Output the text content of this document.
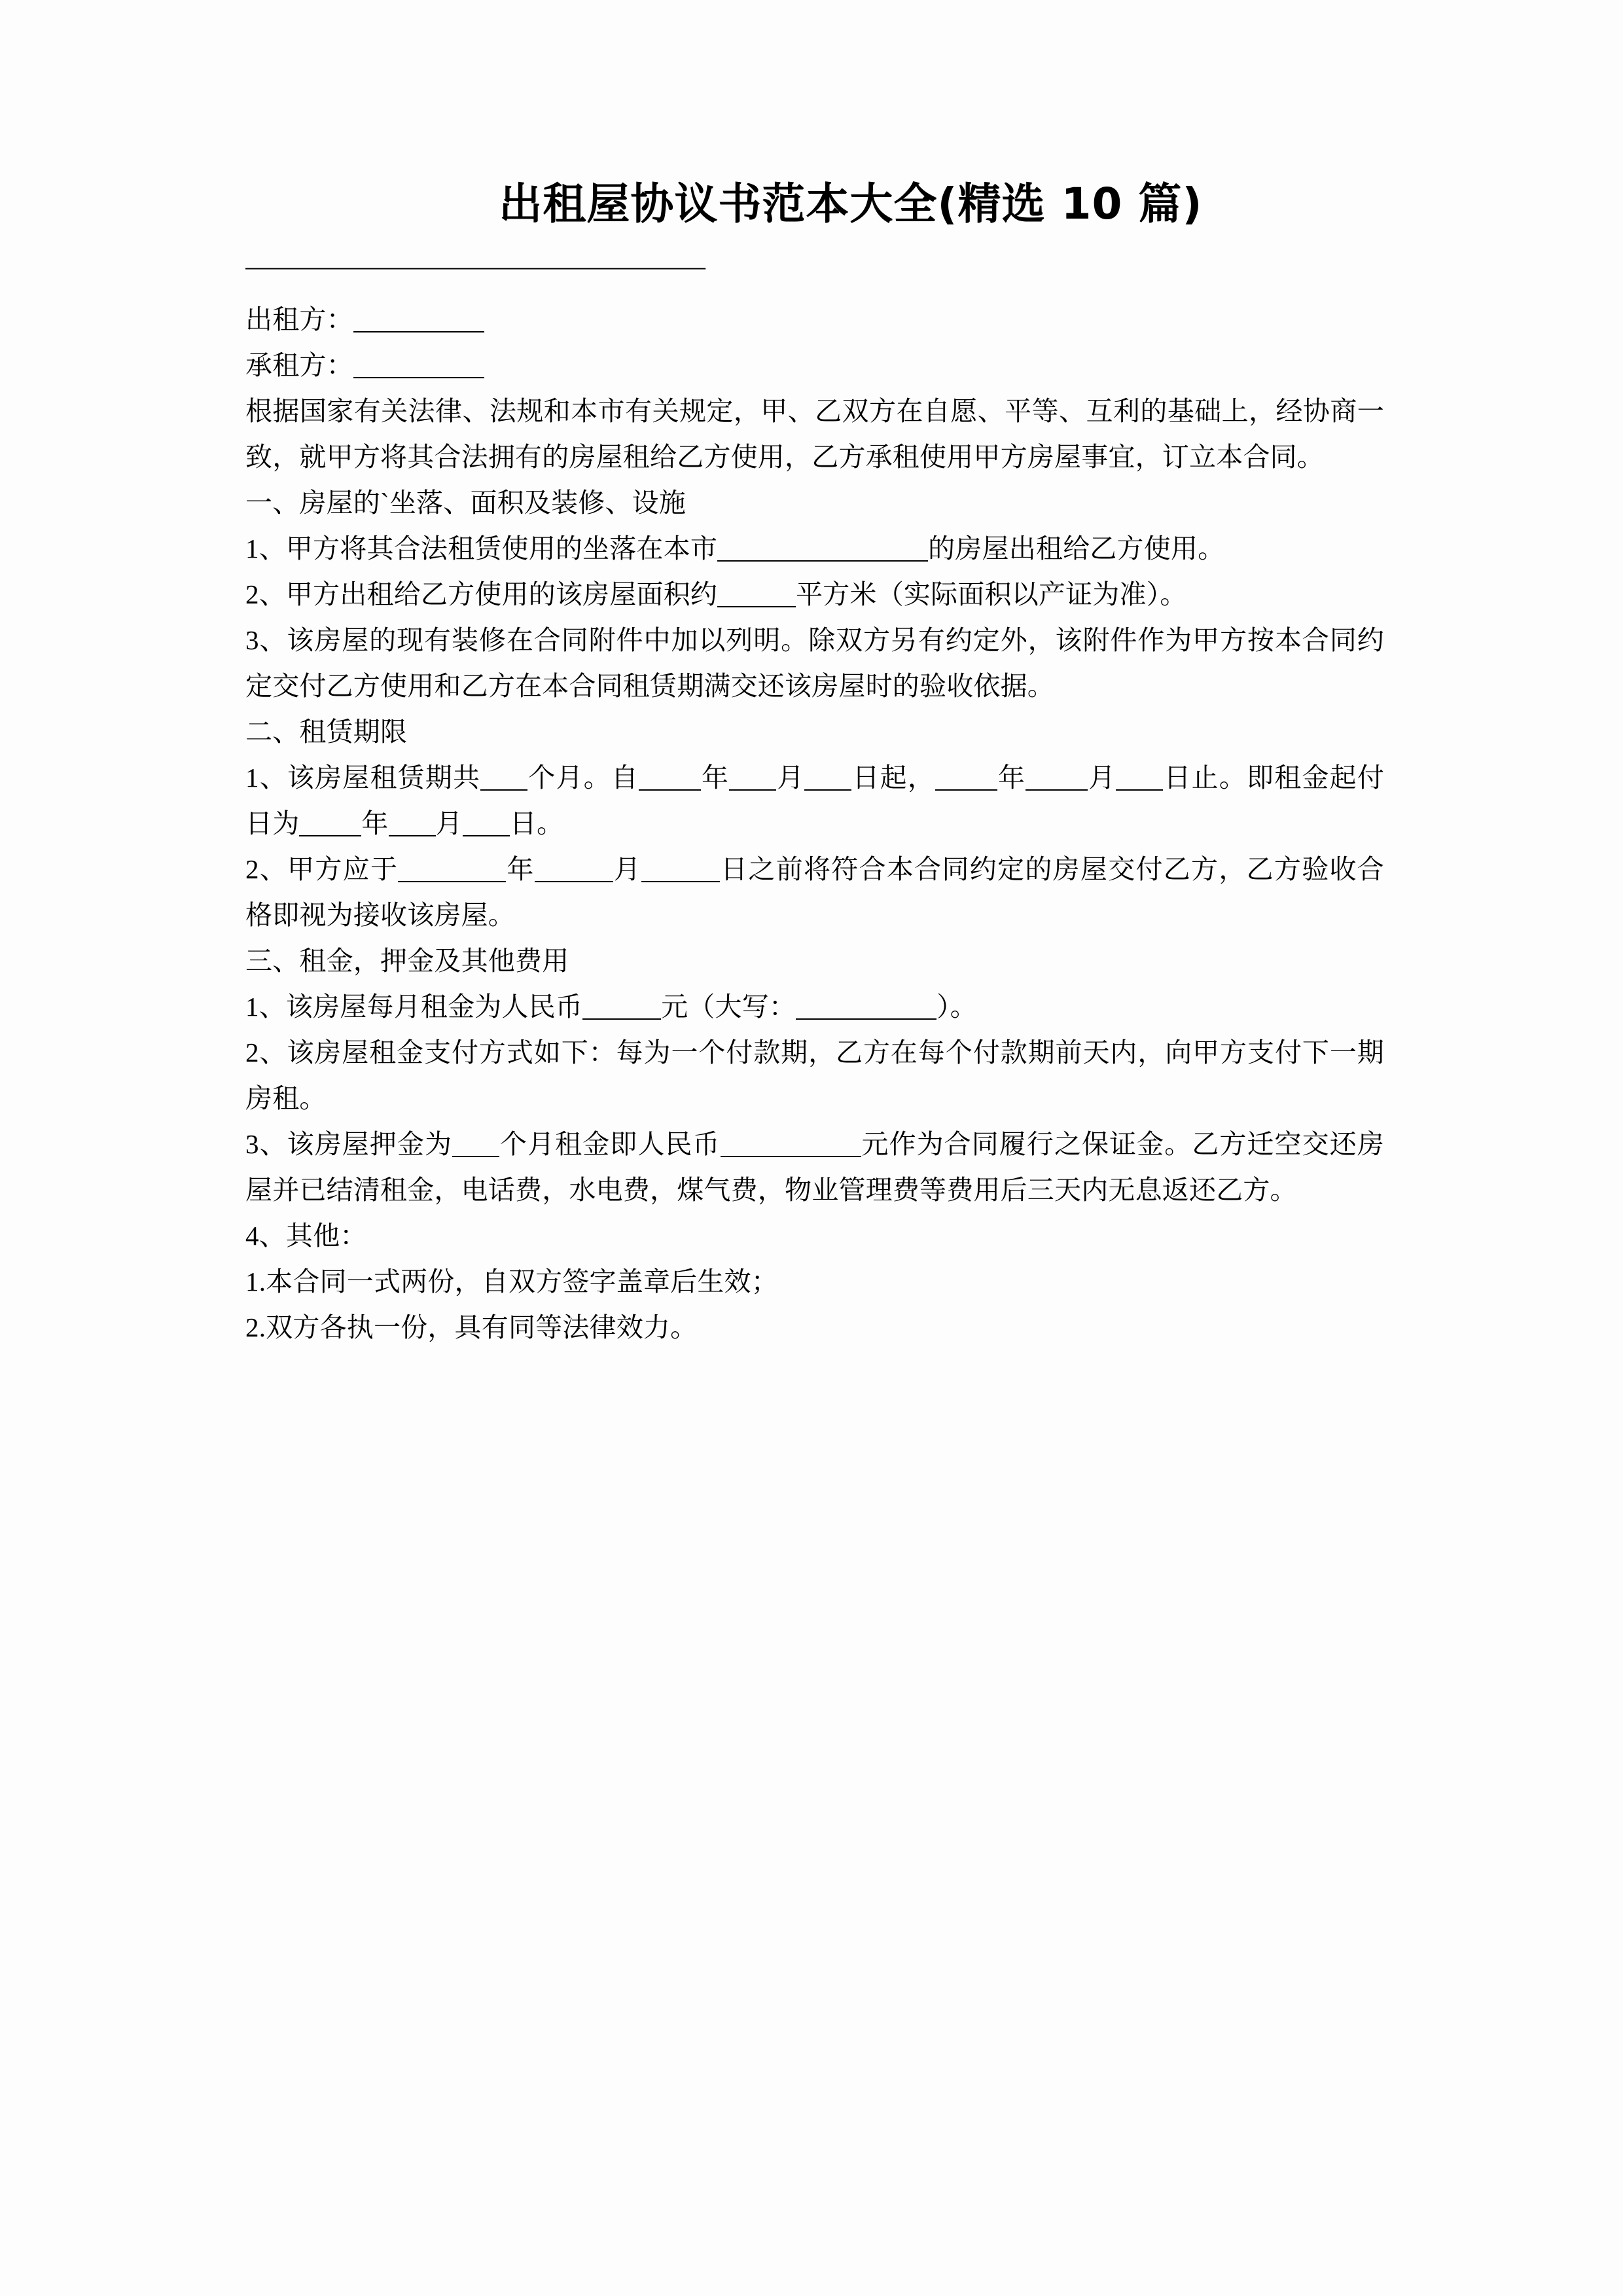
出租屋协议书范本大全(精选 10 篇)
——————————————————

出租方：

承租方：

根据国家有关法律、法规和本市有关规定，甲、乙双方在自愿、平等、互利的基础上，经协商一致，就甲方将其合法拥有的房屋租给乙方使用，乙方承租使用甲方房屋事宜，订立本合同。

一、房屋的`坐落、面积及装修、设施

1、甲方将其合法租赁使用的坐落在本市	的房屋出租给乙方使用。

2、甲方出租给乙方使用的该房屋面积约	平方米（实际面积以产证为准）。

3、该房屋的现有装修在合同附件中加以列明。除双方另有约定外，该附件作为甲方按本合同约定交付乙方使用和乙方在本合同租赁期满交还该房屋时的验收依据。

二、租赁期限

1、该房屋租赁期共 个月。自 年 月 日起， 年 月 日止。即租金起付日为 年 月 日。

2、甲方应于	年	月	日之前将符合本合同约定的房屋交付乙方，乙方验收合格即视为接收该房屋。

三、租金，押金及其他费用

1、该房屋每月租金为人民币	元（大写：	）。

2、该房屋租金支付方式如下：每为一个付款期，乙方在每个付款期前天内，向甲方支付下一期房租。

3、该房屋押金为 个月租金即人民币	元作为合同履行之保证金。乙方迁空交还房屋并已结清租金，电话费，水电费，煤气费，物业管理费等费用后三天内无息返还乙方。

4、其他：

1.本合同一式两份，自双方签字盖章后生效；

2.双方各执一份，具有同等法律效力。
